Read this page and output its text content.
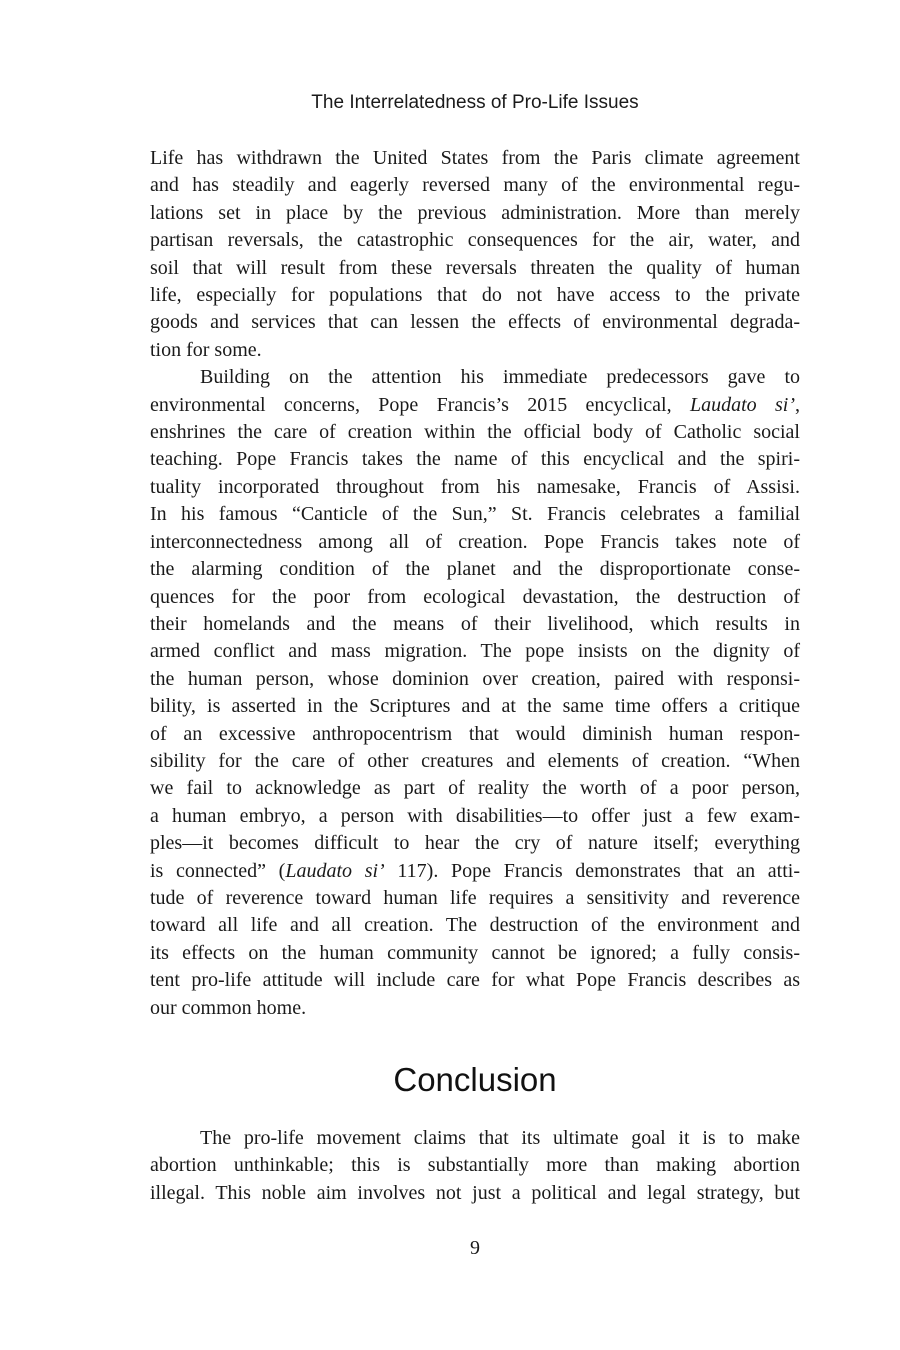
The Interrelatedness of Pro-Life Issues

Life has withdrawn the United States from the Paris climate agreement
and has steadily and eagerly reversed many of the environmental regu-
lations set in place by the previous administration. More than merely
partisan reversals, the catastrophic consequences for the air, water, and
soil that will result from these reversals threaten the quality of human
life, especially for populations that do not have access to the private
goods and services that can lessen the effects of environmental degrada-
tion for some.

Building on the attention his immediate predecessors gave to
environmental concerns, Pope Francis’s 2015 encyclical, Laudato si’,
enshrines the care of creation within the official body of Catholic social
teaching. Pope Francis takes the name of this encyclical and the spiri-
tuality incorporated throughout from his namesake, Francis of Assisi.
In his famous “Canticle of the Sun,” St. Francis celebrates a familial
interconnectedness among all of creation. Pope Francis takes note of
the alarming condition of the planet and the disproportionate conse-
quences for the poor from ecological devastation, the destruction of
their homelands and the means of their livelihood, which results in
armed conflict and mass migration. The pope insists on the dignity of
the human person, whose dominion over creation, paired with responsi-
bility, is asserted in the Scriptures and at the same time offers a critique
of an excessive anthropocentrism that would diminish human respon-
sibility for the care of other creatures and elements of creation. “When
we fail to acknowledge as part of reality the worth of a poor person,
a human embryo, a person with disabilities—to offer just a few exam-
ples—it becomes difficult to hear the cry of nature itself; everything
is connected” (Laudato si’ 117). Pope Francis demonstrates that an atti-
tude of reverence toward human life requires a sensitivity and reverence
toward all life and all creation. The destruction of the environment and
its effects on the human community cannot be ignored; a fully consis-
tent pro-life attitude will include care for what Pope Francis describes as
our common home.

Conclusion
The pro-life movement claims that its ultimate goal it is to make
abortion unthinkable; this is substantially more than making abortion
illegal. This noble aim involves not just a political and legal strategy, but
9
